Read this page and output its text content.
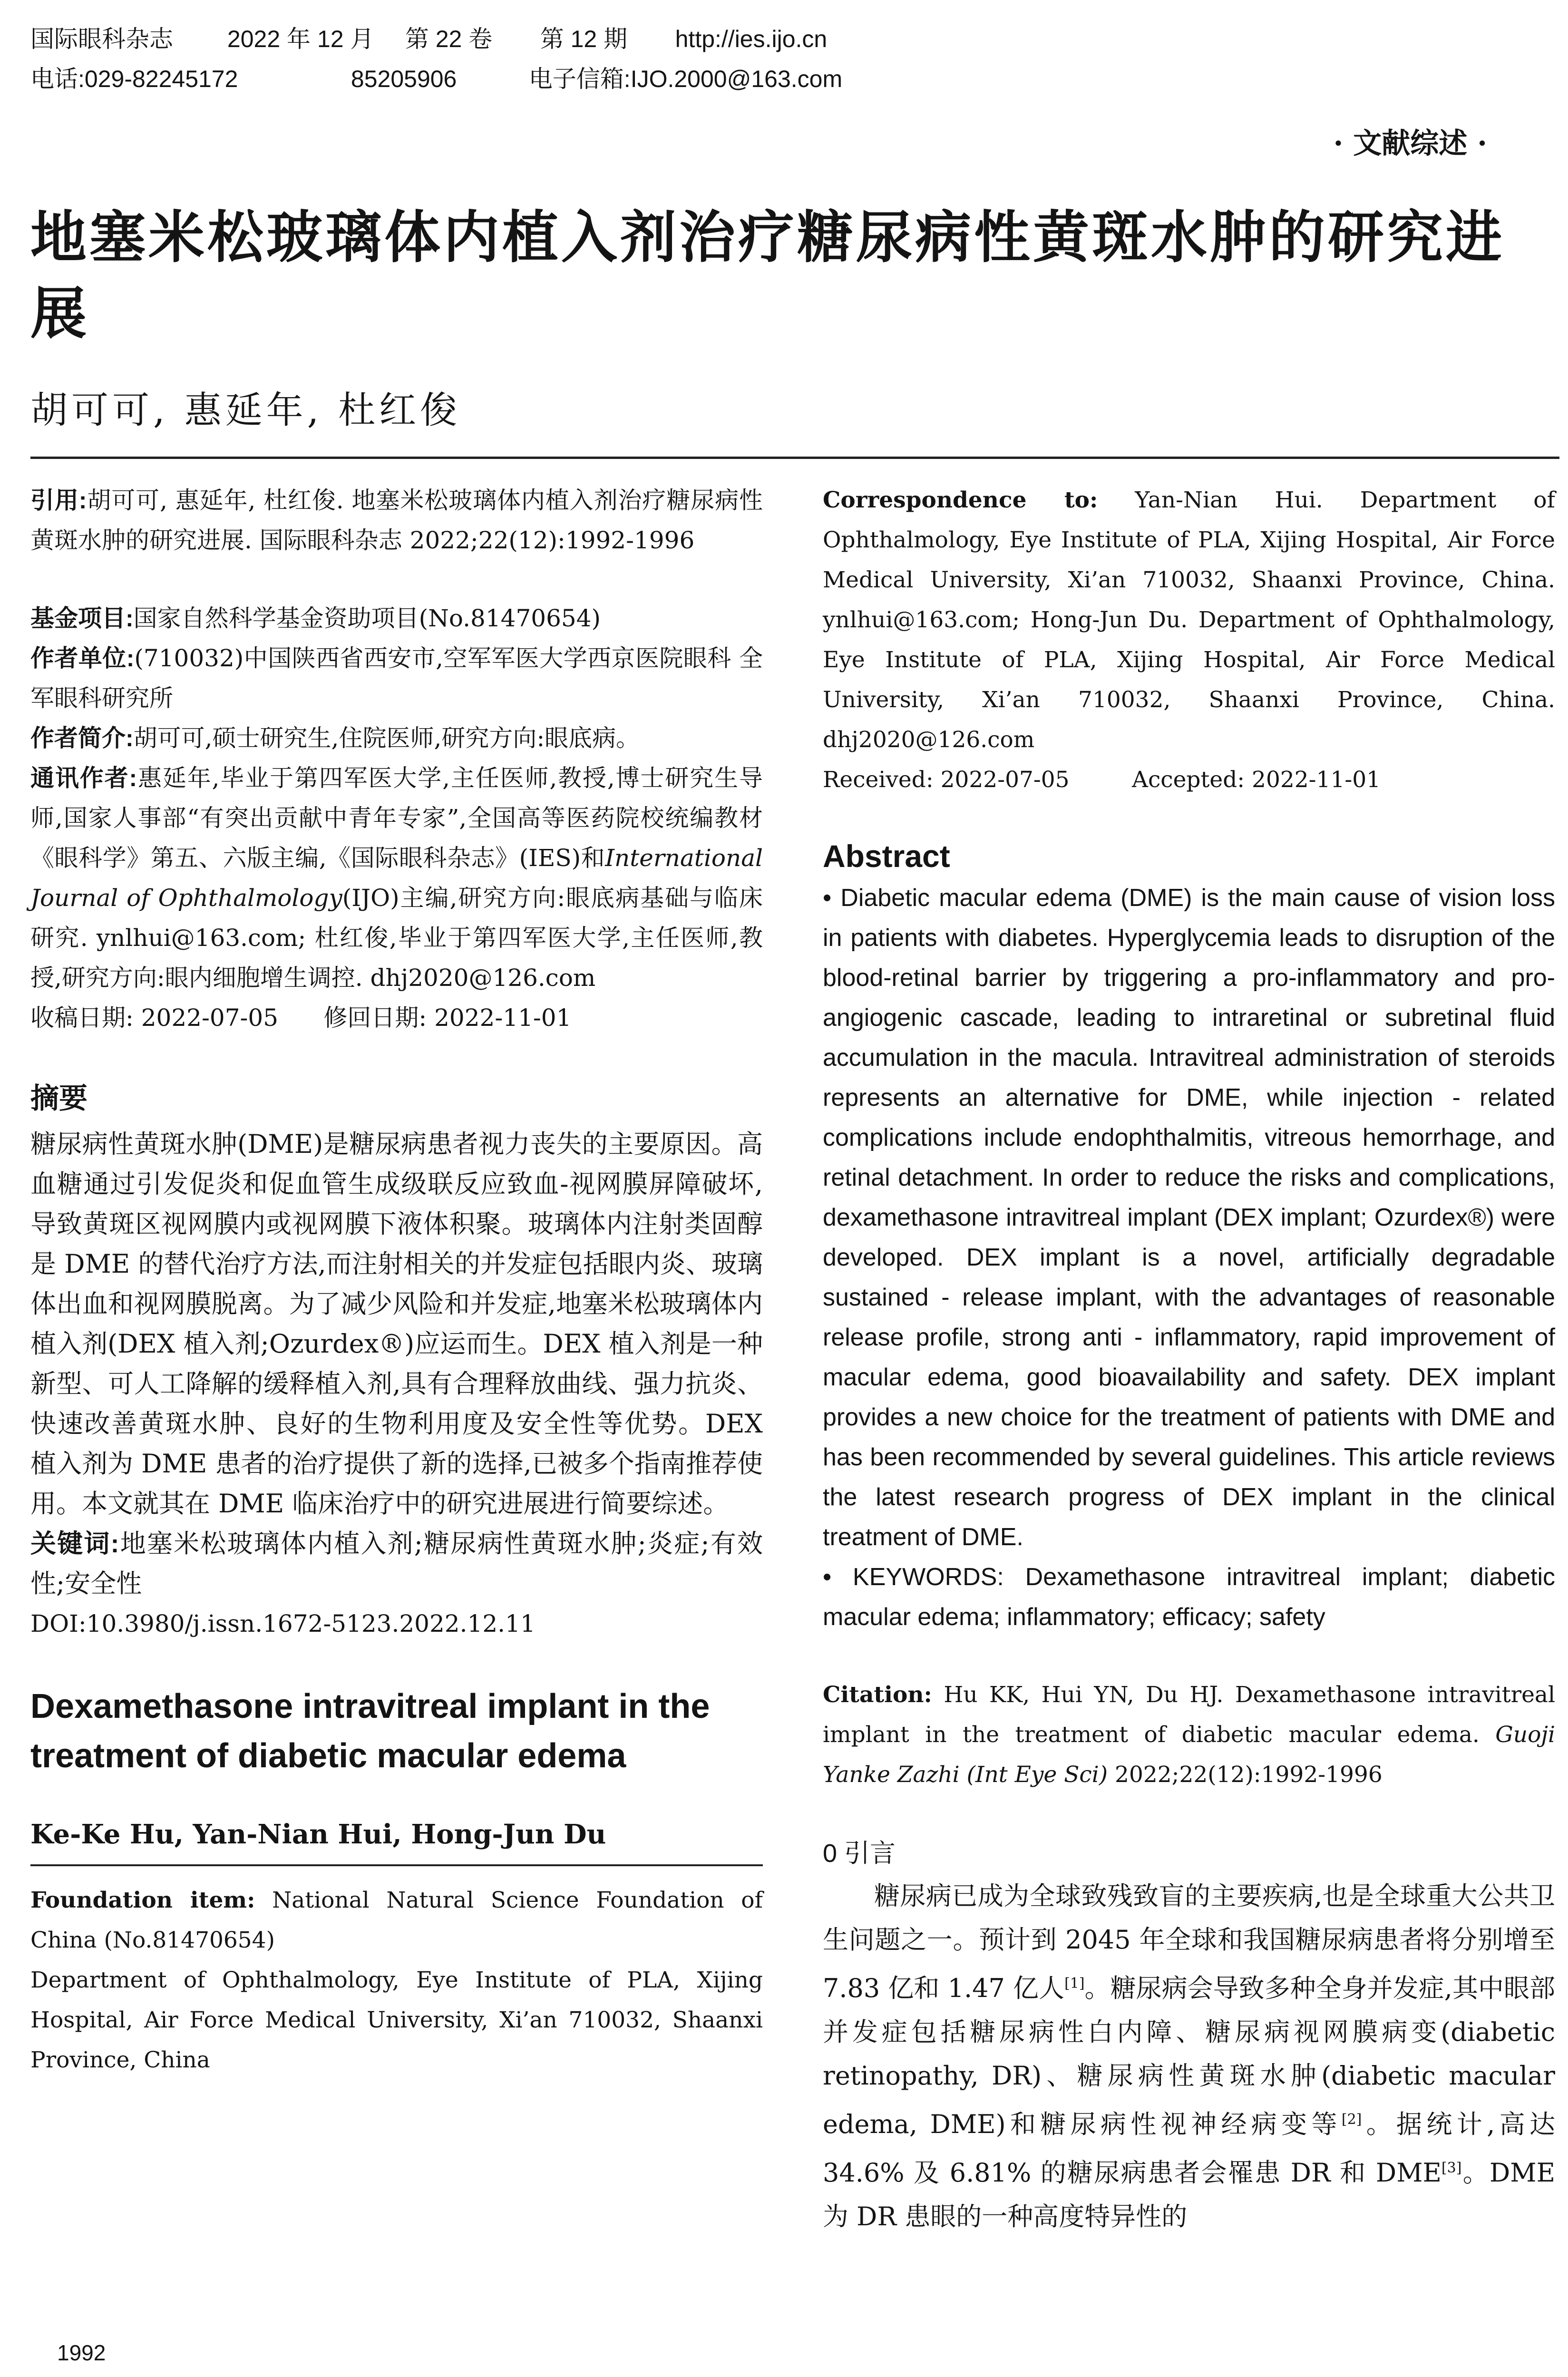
国际眼科杂志 2022 年 12 月 第 22 卷 第 12 期 http://ies.ijo.cn
电话:029-82245172	85205906	电子信箱:IJO.2000@163.com
· 文献综述 ·
地塞米松玻璃体内植入剂治疗糖尿病性黄斑水肿的研究进展
胡可可, 惠延年, 杜红俊

引用:胡可可, 惠延年, 杜红俊. 地塞米松玻璃体内植入剂治疗糖尿病性黄斑水肿的研究进展. 国际眼科杂志 2022;22(12):1992-1996

基金项目:国家自然科学基金资助项目(No.81470654)

作者单位:(710032)中国陕西省西安市,空军军医大学西京医院眼科 全军眼科研究所

作者简介:胡可可,硕士研究生,住院医师,研究方向:眼底病。

通讯作者:惠延年,毕业于第四军医大学,主任医师,教授,博士研究生导师,国家人事部“有突出贡献中青年专家”,全国高等医药院校统编教材《眼科学》第五、六版主编,《国际眼科杂志》(IES)和International Journal of Ophthalmology(IJO)主编,研究方向:眼底病基础与临床研究. ynlhui@163.com; 杜红俊,毕业于第四军医大学,主任医师,教授,研究方向:眼内细胞增生调控. dhj2020@126.com

收稿日期: 2022-07-05      修回日期: 2022-11-01

摘要

糖尿病性黄斑水肿(DME)是糖尿病患者视力丧失的主要原因。高血糖通过引发促炎和促血管生成级联反应致血-视网膜屏障破坏,导致黄斑区视网膜内或视网膜下液体积聚。玻璃体内注射类固醇是 DME 的替代治疗方法,而注射相关的并发症包括眼内炎、玻璃体出血和视网膜脱离。为了减少风险和并发症,地塞米松玻璃体内植入剂(DEX 植入剂;Ozurdex®)应运而生。DEX 植入剂是一种新型、可人工降解的缓释植入剂,具有合理释放曲线、强力抗炎、快速改善黄斑水肿、良好的生物利用度及安全性等优势。DEX 植入剂为 DME 患者的治疗提供了新的选择,已被多个指南推荐使用。本文就其在 DME 临床治疗中的研究进展进行简要综述。

关键词:地塞米松玻璃体内植入剂;糖尿病性黄斑水肿;炎症;有效性;安全性

DOI:10.3980/j.issn.1672-5123.2022.12.11

Dexamethasone intravitreal implant in the treatment of diabetic macular edema

Ke-Ke Hu, Yan-Nian Hui, Hong-Jun Du

Foundation item: National Natural Science Foundation of China (No.81470654)

Department of Ophthalmology, Eye Institute of PLA, Xijing Hospital, Air Force Medical University, Xi’an 710032, Shaanxi Province, China

Correspondence to: Yan-Nian Hui. Department of Ophthalmology, Eye Institute of PLA, Xijing Hospital, Air Force Medical University, Xi’an 710032, Shaanxi Province, China. ynlhui@163.com; Hong-Jun Du. Department of Ophthalmology, Eye Institute of PLA, Xijing Hospital, Air Force Medical University, Xi’an 710032, Shaanxi Province, China. dhj2020@126.com

Received: 2022-07-05	Accepted: 2022-11-01

Abstract

• Diabetic macular edema (DME) is the main cause of vision loss in patients with diabetes. Hyperglycemia leads to disruption of the blood-retinal barrier by triggering a pro-inflammatory and pro-angiogenic cascade, leading to intraretinal or subretinal fluid accumulation in the macula. Intravitreal administration of steroids represents an alternative for DME, while injection - related complications include endophthalmitis, vitreous hemorrhage, and retinal detachment. In order to reduce the risks and complications, dexamethasone intravitreal implant (DEX implant; Ozurdex®) were developed. DEX implant is a novel, artificially degradable sustained - release implant, with the advantages of reasonable release profile, strong anti - inflammatory, rapid improvement of macular edema, good bioavailability and safety. DEX implant provides a new choice for the treatment of patients with DME and has been recommended by several guidelines. This article reviews the latest research progress of DEX implant in the clinical treatment of DME.

• KEYWORDS: Dexamethasone intravitreal implant; diabetic macular edema; inflammatory; efficacy; safety

Citation: Hu KK, Hui YN, Du HJ. Dexamethasone intravitreal implant in the treatment of diabetic macular edema. Guoji Yanke Zazhi (Int Eye Sci) 2022;22(12):1992-1996

0 引言

糖尿病已成为全球致残致盲的主要疾病,也是全球重大公共卫生问题之一。预计到 2045 年全球和我国糖尿病患者将分别增至 7.83 亿和 1.47 亿人[1]。糖尿病会导致多种全身并发症,其中眼部并发症包括糖尿病性白内障、糖尿病视网膜病变(diabetic retinopathy, DR)、糖尿病性黄斑水肿(diabetic macular edema, DME)和糖尿病性视神经病变等[2]。据统计,高达 34.6% 及 6.81% 的糖尿病患者会罹患 DR 和 DME[3]。DME 为 DR 患眼的一种高度特异性的

1992
